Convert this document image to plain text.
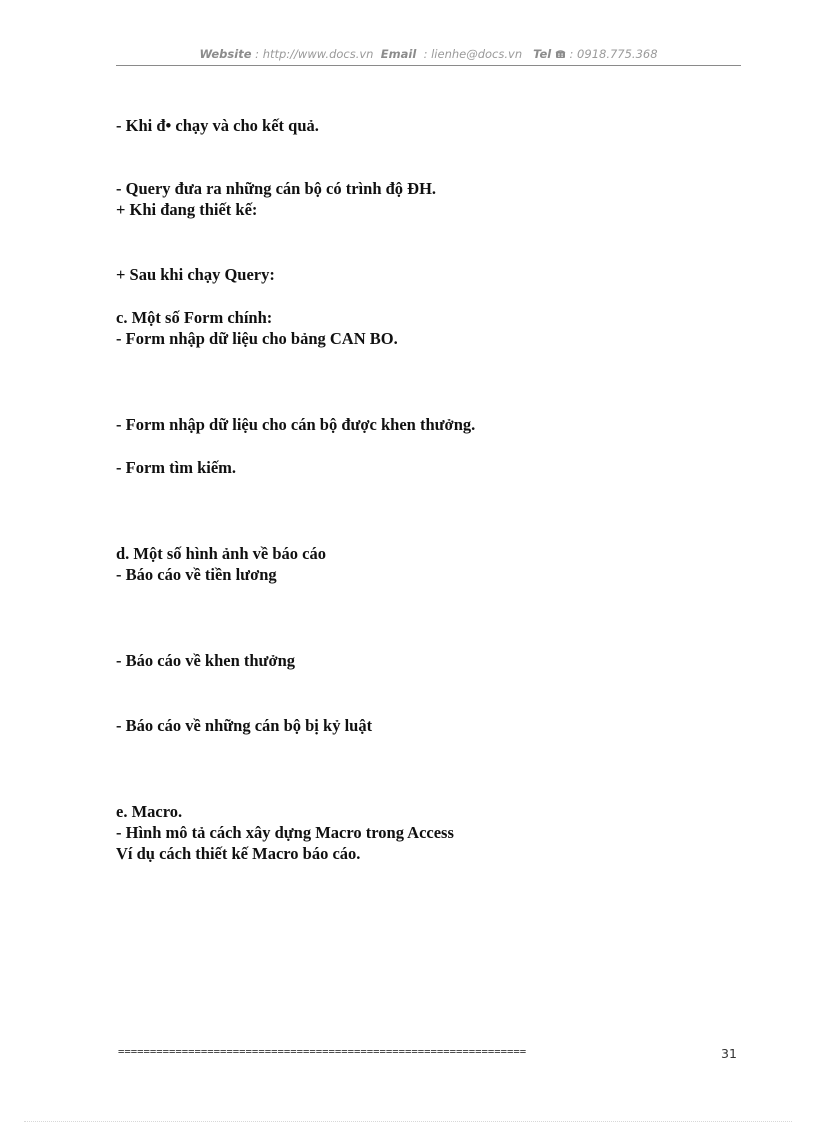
Website : http://www.docs.vn Email : lienhe@docs.vn Tel : 0918.775.368
- Khi đ• chạy và cho kết quả.
- Query đưa ra những cán bộ có trình độ ĐH.
+ Khi đang thiết kế:
+ Sau khi chạy Query:
c. Một số Form chính:
- Form nhập dữ liệu cho bảng CAN BO.
- Form nhập dữ liệu cho cán bộ được khen thưởng.
- Form tìm kiếm.
d. Một số hình ảnh về báo cáo
- Báo cáo về tiền lương
- Báo cáo về khen thưởng
- Báo cáo về những cán bộ bị kỷ luật
e. Macro.
- Hình mô tả cách xây dựng Macro trong Access
Ví dụ cách thiết kế Macro báo cáo.
================================================================	31
